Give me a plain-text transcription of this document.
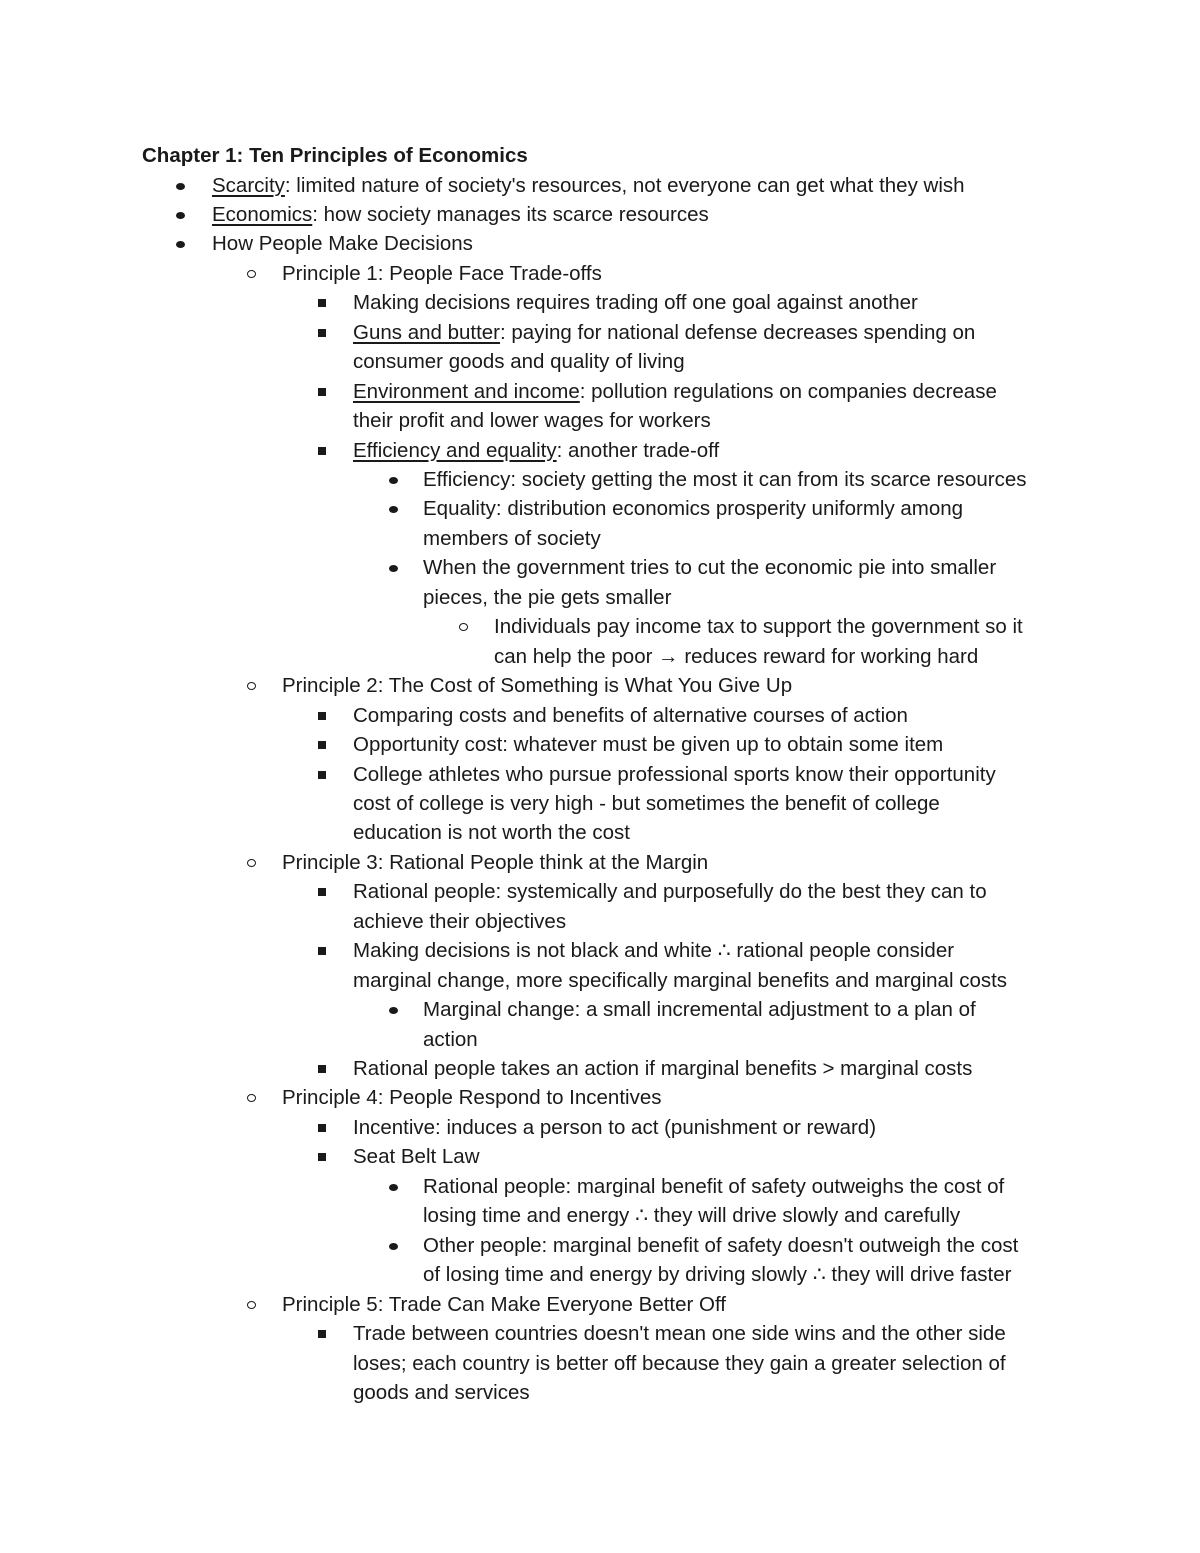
Chapter 1: Ten Principles of Economics
Scarcity: limited nature of society's resources, not everyone can get what they wish
Economics: how society manages its scarce resources
How People Make Decisions
Principle 1: People Face Trade-offs
Making decisions requires trading off one goal against another
Guns and butter: paying for national defense decreases spending on
consumer goods and quality of living
Environment and income: pollution regulations on companies decrease
their profit and lower wages for workers
Efficiency and equality: another trade-off
Efficiency: society getting the most it can from its scarce resources
Equality: distribution economics prosperity uniformly among
members of society
When the government tries to cut the economic pie into smaller
pieces, the pie gets smaller
Individuals pay income tax to support the government so it
can help the poor → reduces reward for working hard
Principle 2: The Cost of Something is What You Give Up
Comparing costs and benefits of alternative courses of action
Opportunity cost: whatever must be given up to obtain some item
College athletes who pursue professional sports know their opportunity
cost of college is very high - but sometimes the benefit of college
education is not worth the cost
Principle 3: Rational People think at the Margin
Rational people: systemically and purposefully do the best they can to
achieve their objectives
Making decisions is not black and white ∴ rational people consider
marginal change, more specifically marginal benefits and marginal costs
Marginal change: a small incremental adjustment to a plan of
action
Rational people takes an action if marginal benefits > marginal costs
Principle 4: People Respond to Incentives
Incentive: induces a person to act (punishment or reward)
Seat Belt Law
Rational people: marginal benefit of safety outweighs the cost of
losing time and energy ∴ they will drive slowly and carefully
Other people: marginal benefit of safety doesn't outweigh the cost
of losing time and energy by driving slowly ∴ they will drive faster
Principle 5: Trade Can Make Everyone Better Off
Trade between countries doesn't mean one side wins and the other side
loses; each country is better off because they gain a greater selection of
goods and services
